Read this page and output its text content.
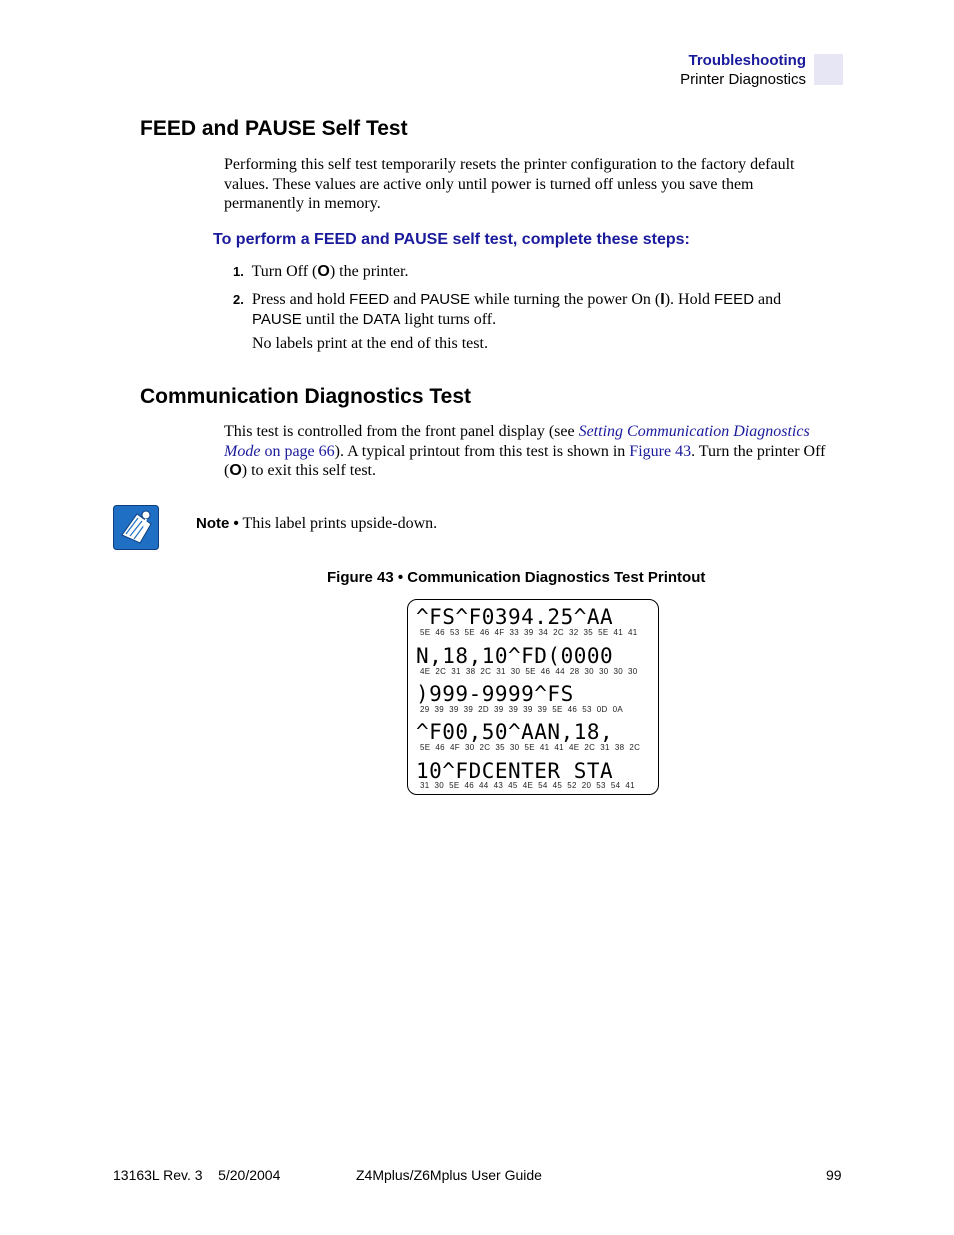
Troubleshooting
Printer Diagnostics
FEED and PAUSE Self Test

Performing this self test temporarily resets the printer configuration to the factory default values. These values are active only until power is turned off unless you save them permanently in memory.

To perform a FEED and PAUSE self test, complete these steps:
1. Turn Off (O) the printer.
2. Press and hold FEED and PAUSE while turning the power On (I). Hold FEED and
PAUSE until the DATA light turns off.

No labels print at the end of this test.

Communication Diagnostics Test

This test is controlled from the front panel display (see Setting Communication Diagnostics Mode on page 66). A typical printout from this test is shown in Figure 43. Turn the printer Off (O) to exit this self test.

Note • This label prints upside-down.
Figure 43 • Communication Diagnostics Test Printout
^FS^F0394.25^AA
5E  46  53  5E  46  4F  33  39  34  2C  32  35  5E  41  41
N,18,10^FD(0000
4E  2C  31  38  2C  31  30  5E  46  44  28  30  30  30  30
)999-9999^FS
29  39  39  39  2D  39  39  39  39  5E  46  53  0D  0A
^F00,50^AAN,18,
5E  46  4F  30  2C  35  30  5E  41  41  4E  2C  31  38  2C
10^FDCENTER STA
31  30  5E  46  44  43  45  4E  54  45  52  20  53  54  41
13163L Rev. 3    5/20/2004	Z4Mplus/Z6Mplus User Guide	99
